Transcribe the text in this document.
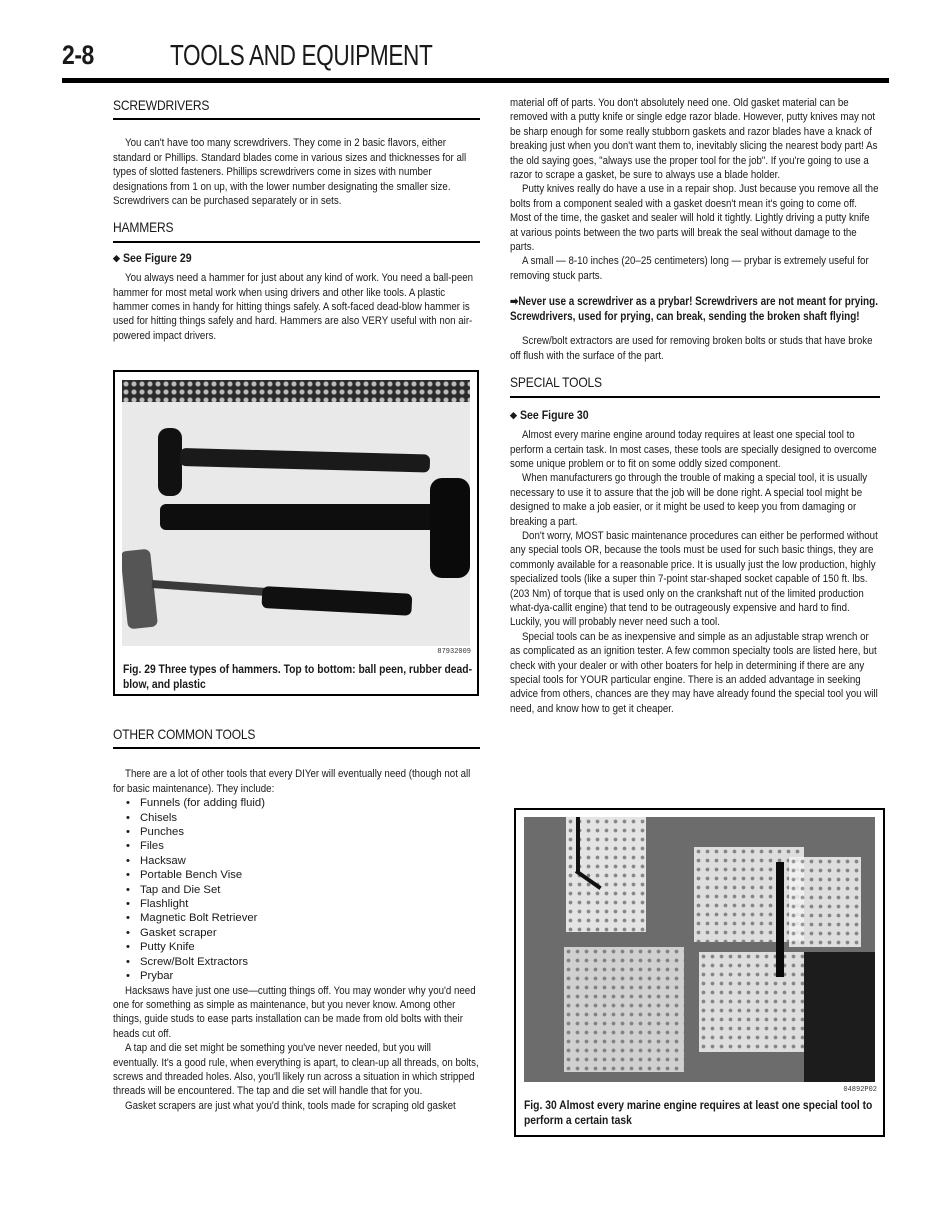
2-8	TOOLS AND EQUIPMENT
SCREWDRIVERS

You can't have too many screwdrivers. They come in 2 basic flavors, either standard or Phillips. Standard blades come in various sizes and thicknesses for all types of slotted fasteners. Phillips screwdrivers come in sizes with number designations from 1 on up, with the lower number designating the smaller size. Screwdrivers can be purchased separately or in sets.

HAMMERS
◆ See Figure 29

You always need a hammer for just about any kind of work. You need a ball-peen hammer for most metal work when using drivers and other like tools. A plastic hammer comes in handy for hitting things safely. A soft-faced dead-blow hammer is used for hitting things safely and hard. Hammers are also VERY useful with non air-powered impact drivers.

87932009
Fig. 29 Three types of hammers. Top to bottom: ball peen, rubber dead-blow, and plastic
OTHER COMMON TOOLS

There are a lot of other tools that every DIYer will eventually need (though not all for basic maintenance). They include:

• Funnels (for adding fluid)
• Chisels
• Punches
• Files
• Hacksaw
• Portable Bench Vise
• Tap and Die Set
• Flashlight
• Magnetic Bolt Retriever
• Gasket scraper
• Putty Knife
• Screw/Bolt Extractors
• Prybar

Hacksaws have just one use—cutting things off. You may wonder why you'd need one for something as simple as maintenance, but you never know. Among other things, guide studs to ease parts installation can be made from old bolts with their heads cut off.

A tap and die set might be something you've never needed, but you will eventually. It's a good rule, when everything is apart, to clean-up all threads, on bolts, screws and threaded holes. Also, you'll likely run across a situation in which stripped threads will be encountered. The tap and die set will handle that for you.

Gasket scrapers are just what you'd think, tools made for scraping old gasket

material off of parts. You don't absolutely need one. Old gasket material can be removed with a putty knife or single edge razor blade. However, putty knives may not be sharp enough for some really stubborn gaskets and razor blades have a knack of breaking just when you don't want them to, inevitably slicing the nearest body part! As the old saying goes, "always use the proper tool for the job". If you're going to use a razor to scrape a gasket, be sure to always use a blade holder.

Putty knives really do have a use in a repair shop. Just because you remove all the bolts from a component sealed with a gasket doesn't mean it's going to come off. Most of the time, the gasket and sealer will hold it tightly. Lightly driving a putty knife at various points between the two parts will break the seal without damage to the parts.

A small — 8-10 inches (20–25 centimeters) long — prybar is extremely useful for removing stuck parts.

➡Never use a screwdriver as a prybar! Screwdrivers are not meant for prying. Screwdrivers, used for prying, can break, sending the broken shaft flying!

Screw/bolt extractors are used for removing broken bolts or studs that have broke off flush with the surface of the part.

SPECIAL TOOLS
◆ See Figure 30

Almost every marine engine around today requires at least one special tool to perform a certain task. In most cases, these tools are specially designed to overcome some unique problem or to fit on some oddly sized component.

When manufacturers go through the trouble of making a special tool, it is usually necessary to use it to assure that the job will be done right. A special tool might be designed to make a job easier, or it might be used to keep you from damaging or breaking a part.

Don't worry, MOST basic maintenance procedures can either be performed without any special tools OR, because the tools must be used for such basic things, they are commonly available for a reasonable price. It is usually just the low production, highly specialized tools (like a super thin 7-point star-shaped socket capable of 150 ft. lbs. (203 Nm) of torque that is used only on the crankshaft nut of the limited production what-dya-callit engine) that tend to be outrageously expensive and hard to find. Luckily, you will probably never need such a tool.

Special tools can be as inexpensive and simple as an adjustable strap wrench or as complicated as an ignition tester. A few common specialty tools are listed here, but check with your dealer or with other boaters for help in determining if there are any special tools for YOUR particular engine. There is an added advantage in seeking advice from others, chances are they may have already found the special tool you will need, and know how to get it cheaper.

04892P02
Fig. 30 Almost every marine engine requires at least one special tool to perform a certain task
